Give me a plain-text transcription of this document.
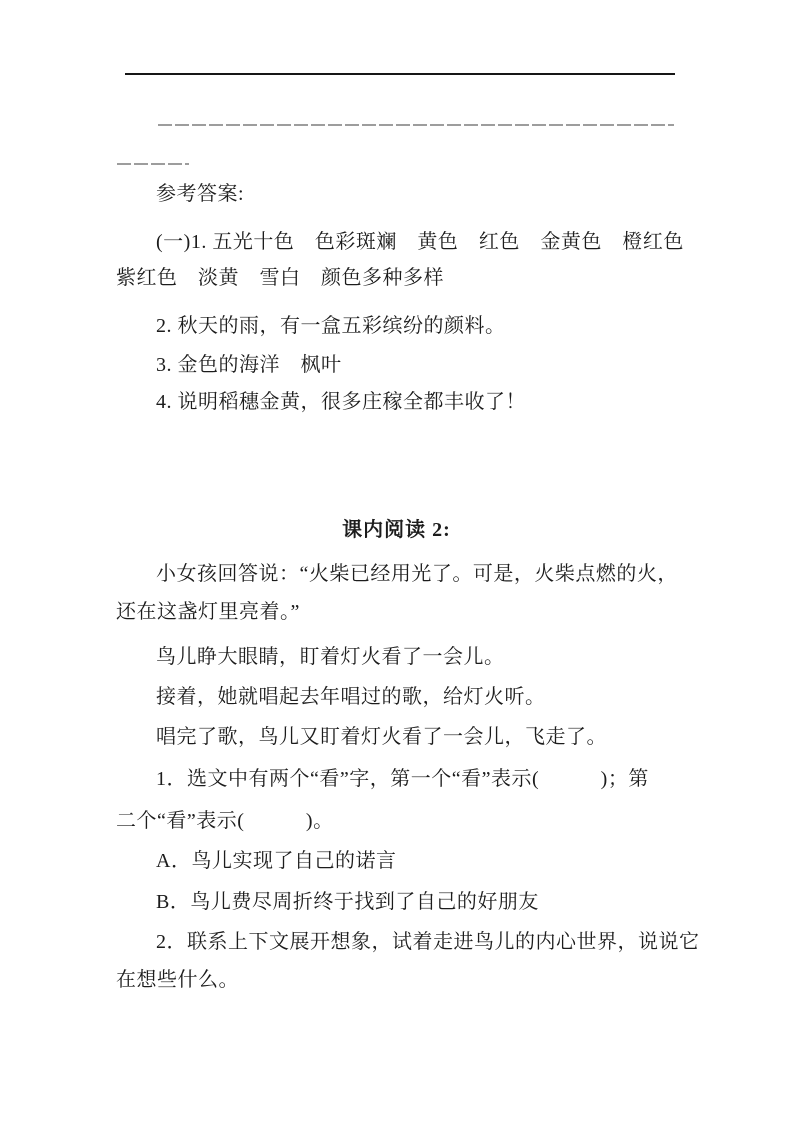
参考答案:
(一)1. 五光十色　色彩斑斓　黄色　红色　金黄色　橙红色
紫红色　淡黄　雪白　颜色多种多样
2. 秋天的雨，有一盒五彩缤纷的颜料。
3. 金色的海洋　枫叶
4. 说明稻穗金黄，很多庄稼全都丰收了！
课内阅读 2:
小女孩回答说：“火柴已经用光了。可是，火柴点燃的火，
还在这盏灯里亮着。”
鸟儿睁大眼睛，盯着灯火看了一会儿。
接着，她就唱起去年唱过的歌，给灯火听。
唱完了歌，鸟儿又盯着灯火看了一会儿，飞走了。
1．选文中有两个“看”字，第一个“看”表示(　　　)；第
二个“看”表示(　　　)。
A．鸟儿实现了自己的诺言
B．鸟儿费尽周折终于找到了自己的好朋友
2．联系上下文展开想象，试着走进鸟儿的内心世界，说说它
在想些什么。
